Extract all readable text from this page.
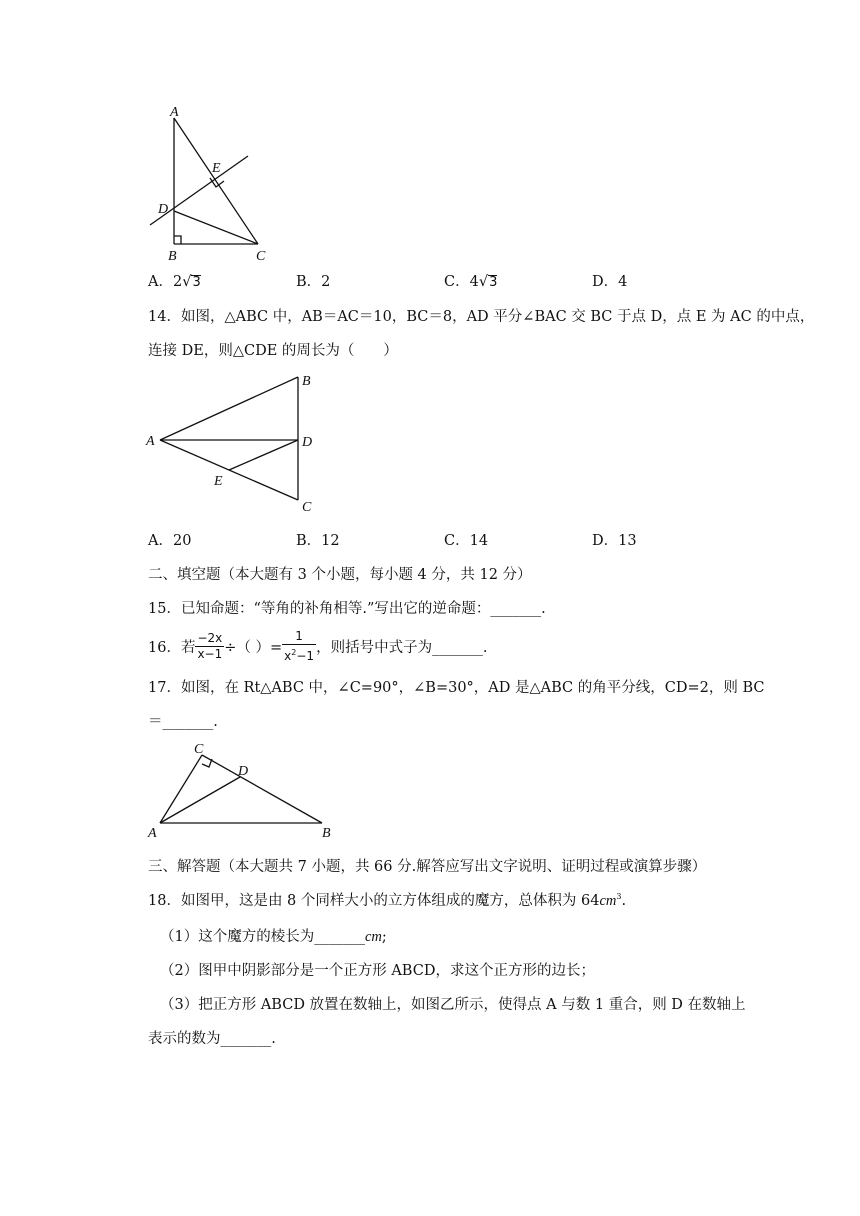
A
E
D
B	C
A．2√3	B．2	C．4√3	D．4
14．如图，△ABC 中，AB＝AC＝10，BC＝8，AD 平分∠BAC 交 BC 于点 D，点 E 为 AC 的中点，
连接 DE，则△CDE 的周长为（　　）
B
A	D
E
C
A．20	B．12	C．14	D．13
二、填空题（本大题有 3 个小题，每小题 4 分，共 12 分）
15．已知命题：“等角的补角相等.”写出它的逆命题：_______.
16．若 $\frac{-2x}{x-1}$ ÷（ ）= $\frac{1}{x^2-1}$ ，则括号中式子为_______.
17．如图，在 Rt△ABC 中，∠C=90°，∠B=30°，AD 是△ABC 的角平分线，CD=2，则 BC
＝_______.
C
D
A	B
三、解答题（本大题共 7 小题，共 66 分.解答应写出文字说明、证明过程或演算步骤）
18．如图甲，这是由 8 个同样大小的立方体组成的魔方，总体积为 $64cm^3$.
（1）这个魔方的棱长为_______cm;
（2）图甲中阴影部分是一个正方形 ABCD，求这个正方形的边长；
（3）把正方形 ABCD 放置在数轴上，如图乙所示，使得点 A 与数 1 重合，则 D 在数轴上
表示的数为_______.
